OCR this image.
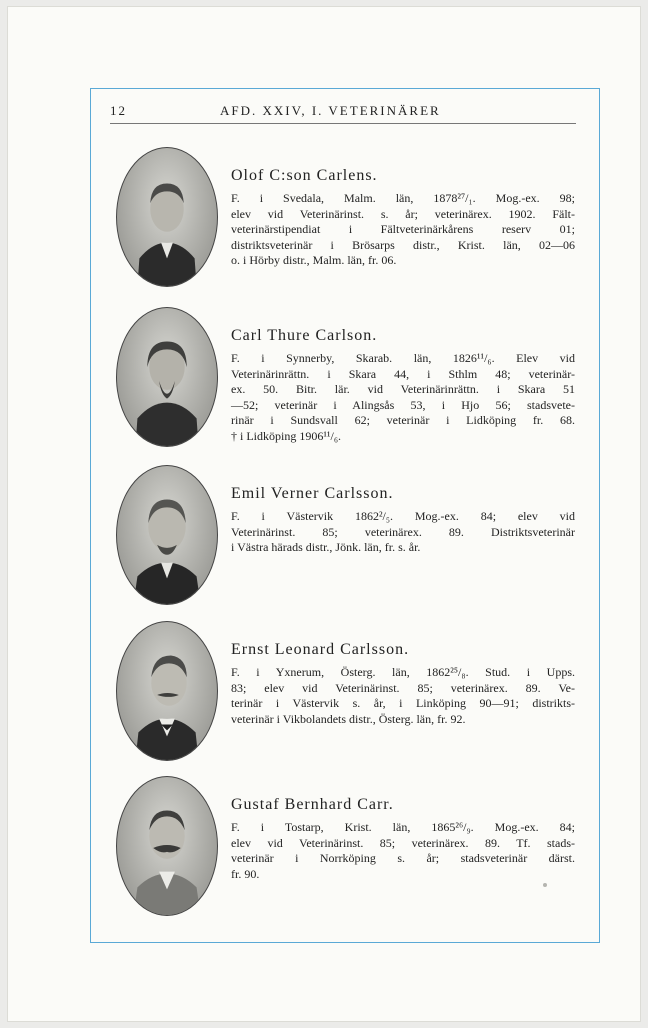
12	AFD. XXIV, I. VETERINÄRER
Olof C:son Carlens.
F. i Svedala, Malm. län, 1878²⁷/₁. Mog.-ex. 98;
elev vid Veterinärinst. s. år; veterinärex. 1902. Fält-
veterinärstipendiat i Fältveterinärkårens reserv 01;
distriktsveterinär i Brösarps distr., Krist. län, 02—06
o. i Hörby distr., Malm. län, fr. 06.
Carl Thure Carlson.
F. i Synnerby, Skarab. län, 1826¹¹/₆. Elev vid
Veterinärinrättn. i Skara 44, i Sthlm 48; veterinär-
ex. 50. Bitr. lär. vid Veterinärinrättn. i Skara 51
—52; veterinär i Alingsås 53, i Hjo 56; stadsvete-
rinär i Sundsvall 62; veterinär i Lidköping fr. 68.
† i Lidköping 1906¹¹/₆.
Emil Verner Carlsson.
F. i Västervik 1862²/₅. Mog.-ex. 84; elev vid
Veterinärinst. 85; veterinärex. 89. Distriktsveterinär
i Västra härads distr., Jönk. län, fr. s. år.
Ernst Leonard Carlsson.
F. i Yxnerum, Österg. län, 1862²⁵/₈. Stud. i Upps.
83; elev vid Veterinärinst. 85; veterinärex. 89. Ve-
terinär i Västervik s. år, i Linköping 90—91; distrikts-
veterinär i Vikbolandets distr., Österg. län, fr. 92.
Gustaf Bernhard Carr.
F. i Tostarp, Krist. län, 1865²⁶/₉. Mog.-ex. 84;
elev vid Veterinärinst. 85; veterinärex. 89. Tf. stads-
veterinär i Norrköping s. år; stadsveterinär därst.
fr. 90.
